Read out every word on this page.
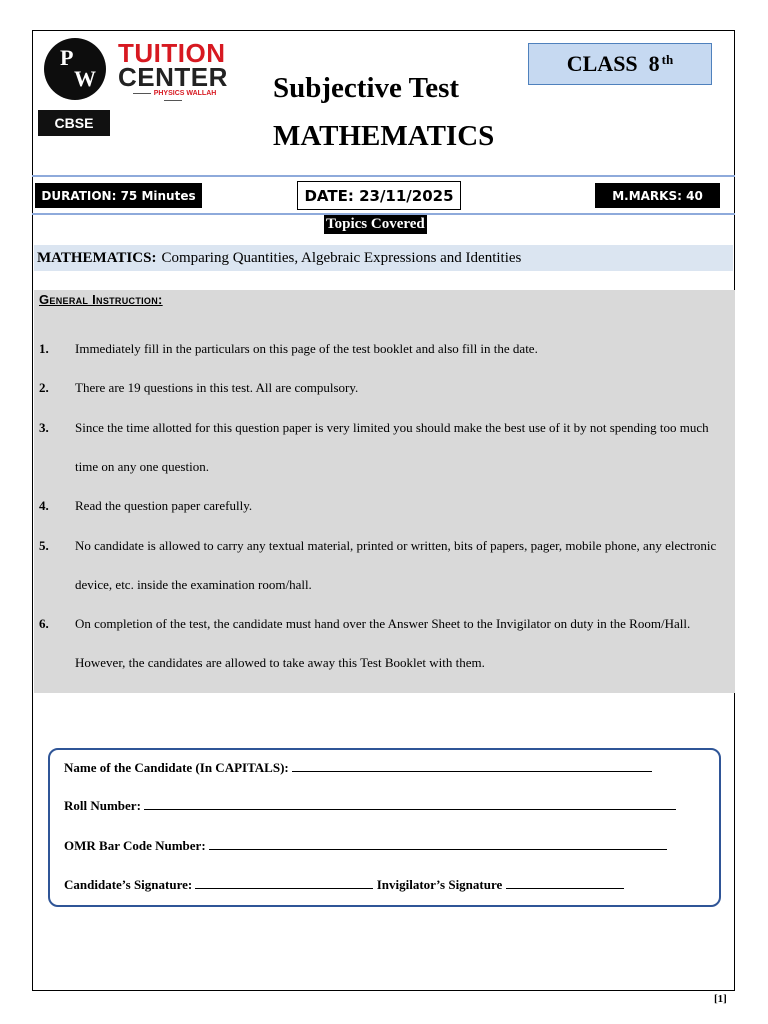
P
W
TUITION
CENTER
PHYSICS WALLAH
CBSE
Subjective Test
MATHEMATICS
CLASS  8th
DURATION: 75 Minutes	DATE: 23/11/2025	M.MARKS: 40
Topics Covered
MATHEMATICS: Comparing Quantities, Algebraic Expressions and Identities
General Instruction:
1. Immediately fill in the particulars on this page of the test booklet and also fill in the date.
2. There are 19 questions in this test. All are compulsory.
3. Since the time allotted for this question paper is very limited you should make the best use of it by not spending too much time on any one question.
4. Read the question paper carefully.
5. No candidate is allowed to carry any textual material, printed or written, bits of papers, pager, mobile phone, any electronic device, etc. inside the examination room/hall.
6. On completion of the test, the candidate must hand over the Answer Sheet to the Invigilator on duty in the Room/Hall. However, the candidates are allowed to take away this Test Booklet with them.
Name of the Candidate (In CAPITALS):
Roll Number:
OMR Bar Code Number:
Candidate’s Signature:	Invigilator’s Signature
[1]
